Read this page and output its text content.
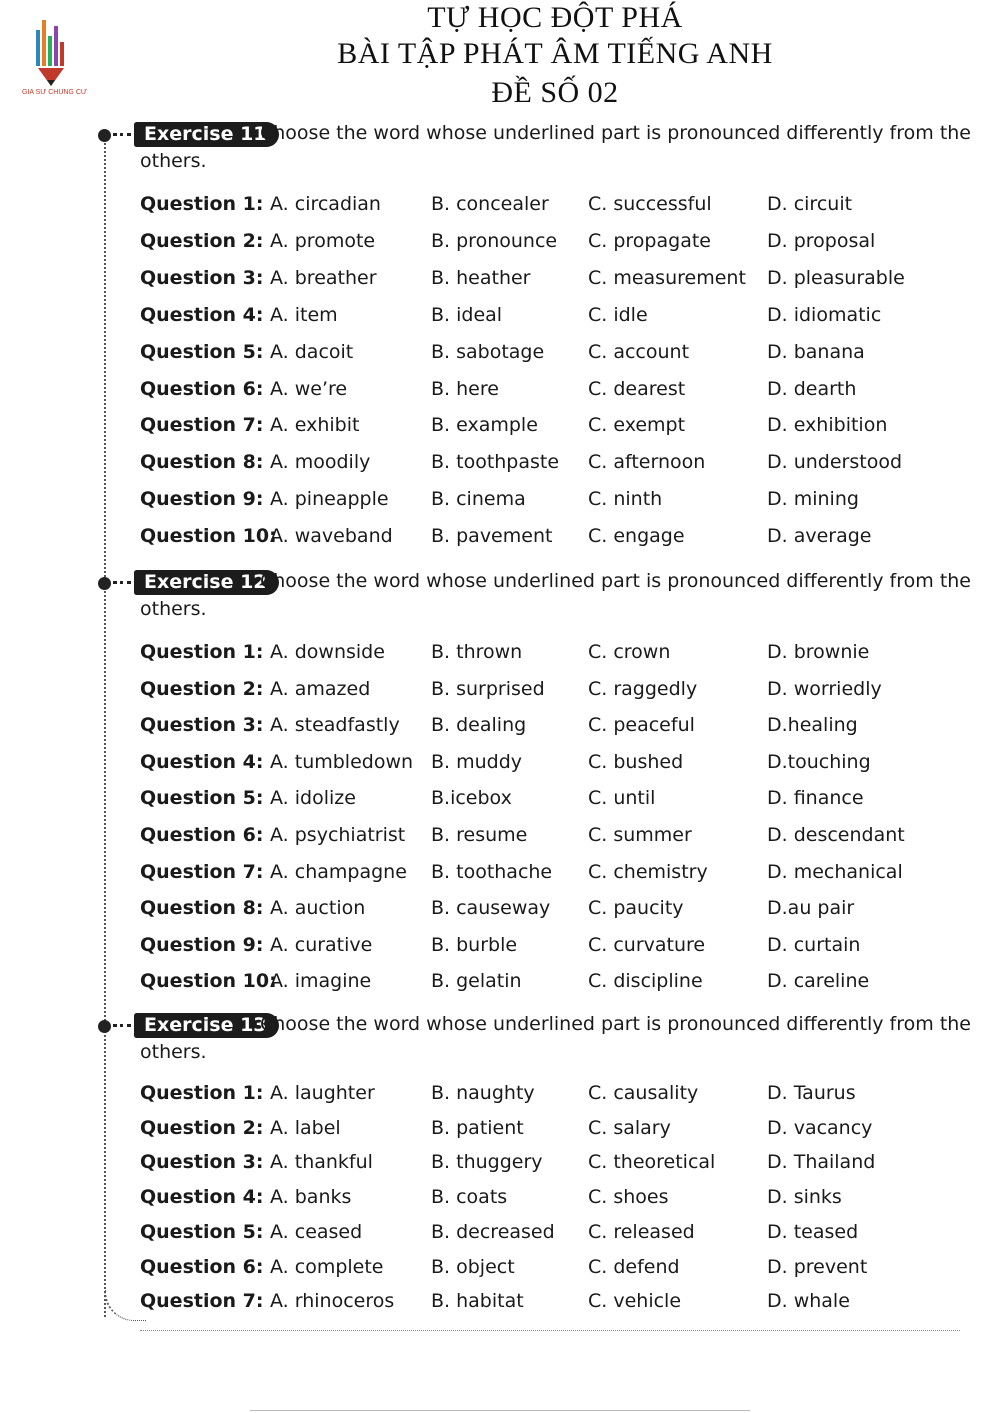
GIA SƯ CHUNG CƯ
TỰ HỌC ĐỘT PHÁ
BÀI TẬP PHÁT ÂM TIẾNG ANH
ĐỀ SỐ 02
Exercise 11
Choose the word whose underlined part is pronounced differently from the
others.
Question 1: A. circadian	B. concealer C. successful	D. circuit
Question 2: A. promote	B. pronounce C. propagate	D. proposal
Question 3: A. breather	B. heather	C. measurement D. pleasurable
Question 4: A. item	B. ideal	C. idle	D. idiomatic
Question 5: A. dacoit	B. sabotage C. account	D. banana
Question 6: A. we’re	B. here	C. dearest	D. dearth
Question 7: A. exhibit	B. example	C. exempt	D. exhibition
Question 8: A. moodily	B. toothpaste C. afternoon	D. understood
Question 9: A. pineapple B. cinema	C. ninth	D. mining
Question 10:
A. waveband B. pavement C. engage	D. average
Exercise 12
Choose the word whose underlined part is pronounced differently from the
others.
Question 1: A. downside B. thrown	C. crown	D. brownie
Question 2: A. amazed	B. surprised C. raggedly	D. worriedly
Question 3: A. steadfastly B. dealing	C. peaceful	D.healing
Question 4: A. tumbledown B. muddy	C. bushed	D.touching
Question 5: A. idolize	B.icebox	C. until	D. finance
Question 6: A. psychiatrist B. resume	C. summer	D. descendant
Question 7: A. champagne B. toothache C. chemistry	D. mechanical
Question 8: A. auction	B. causeway C. paucity	D.au pair
Question 9: A. curative	B. burble	C. curvature	D. curtain
Question 10:
A. imagine	B. gelatin	C. discipline	D. careline
Exercise 13
Choose the word whose underlined part is pronounced differently from the
others.
Question 1: A. laughter	B. naughty	C. causality	D. Taurus
Question 2: A. label	B. patient	C. salary	D. vacancy
Question 3: A. thankful	B. thuggery C. theoretical	D. Thailand
Question 4: A. banks	B. coats	C. shoes	D. sinks
Question 5: A. ceased	B. decreased C. released	D. teased
Question 6: A. complete	B. object	C. defend	D. prevent
Question 7: A. rhinoceros B. habitat	C. vehicle	D. whale
